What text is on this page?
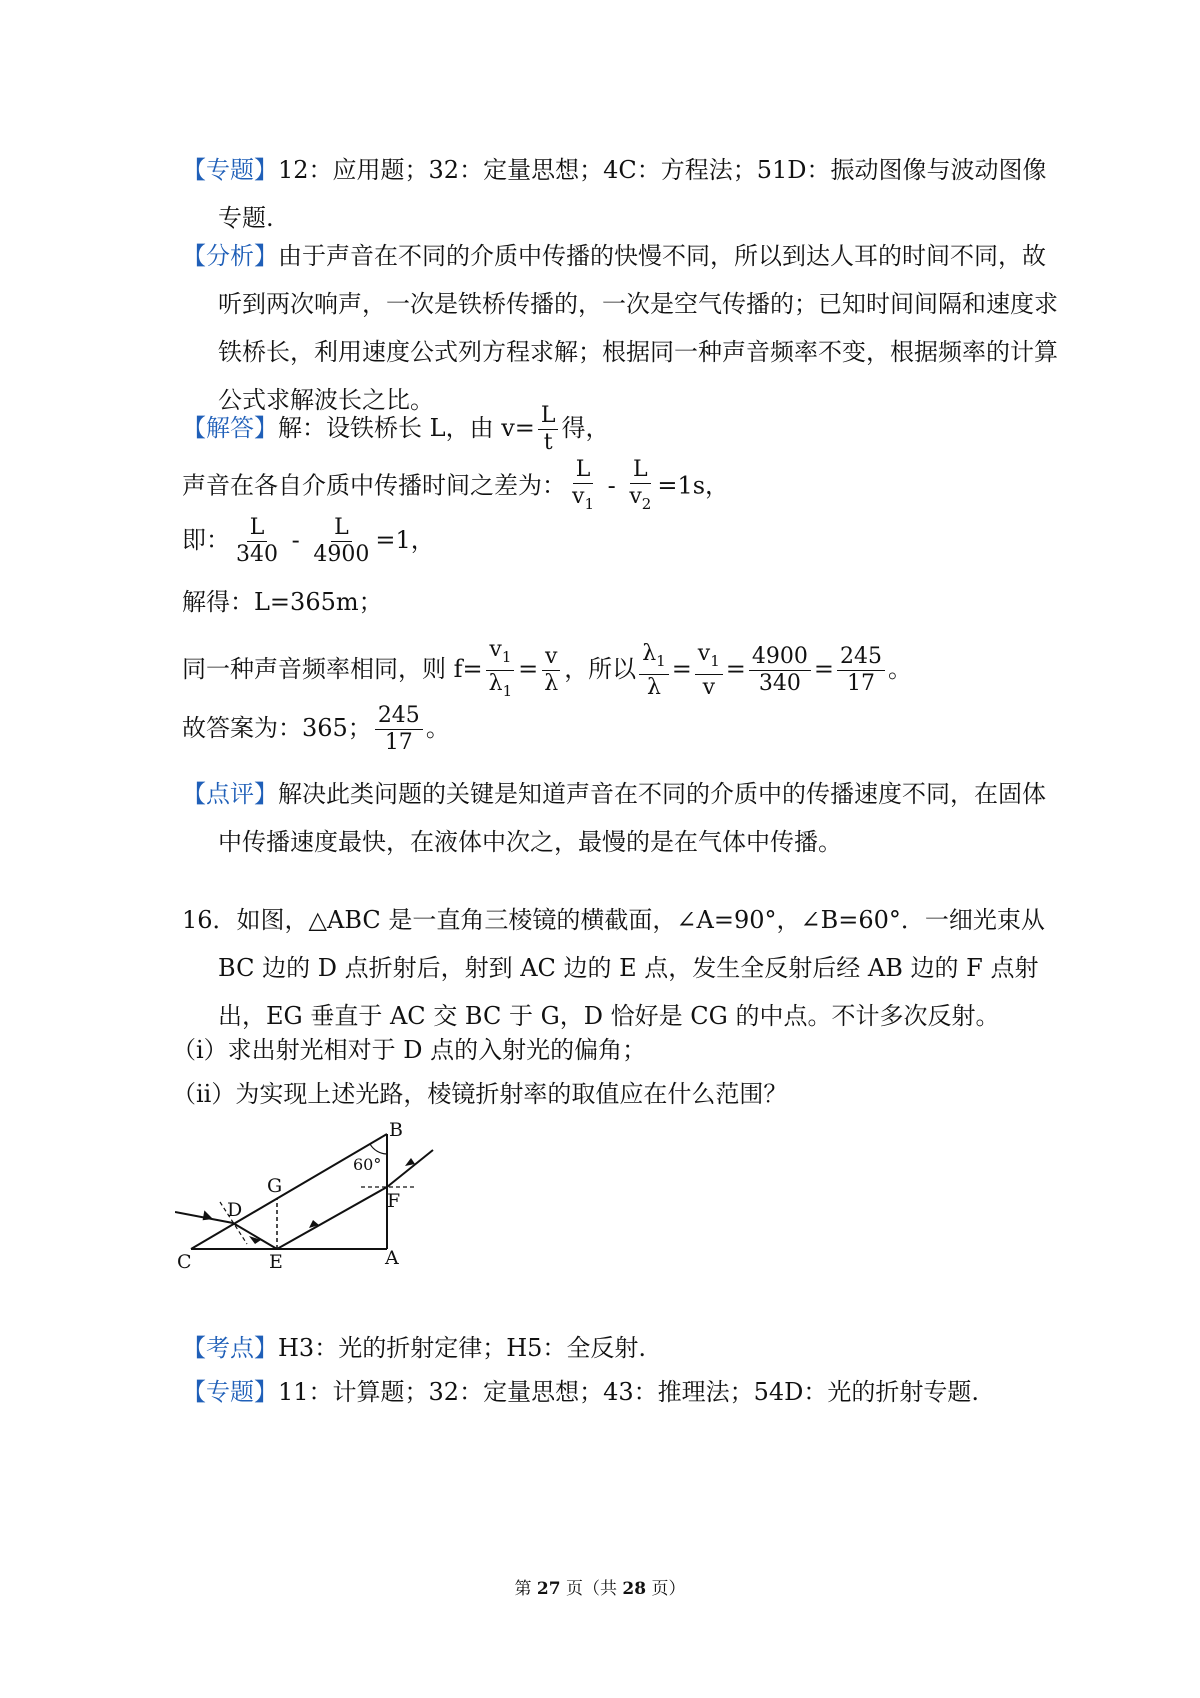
【专题】12：应用题；32：定量思想；4C：方程法；51D：振动图像与波动图像专题.
【分析】由于声音在不同的介质中传播的快慢不同，所以到达人耳的时间不同，故听到两次响声，一次是铁桥传播的，一次是空气传播的；已知时间间隔和速度求铁桥长，利用速度公式列方程求解；根据同一种声音频率不变，根据频率的计算公式求解波长之比。
【解答】解：设铁桥长 L，由 $v= \frac{L}{t}$ 得，
声音在各自介质中传播时间之差为： $\frac{L}{v_1} - \frac{L}{v_2} =1s$，
即： $\frac{L}{340} - \frac{L}{4900} =1$，
解得：L=365m；
同一种声音频率相同，则 $f= \frac{v_1}{\lambda_1} = \frac{v}{\lambda}$ ，所以 $\frac{\lambda_1}{\lambda} = \frac{v_1}{v} = \frac{4900}{340} = \frac{245}{17}$ 。
故答案为：365； $\frac{245}{17}$ 。
【点评】解决此类问题的关键是知道声音在不同的介质中的传播速度不同，在固体中传播速度最快，在液体中次之，最慢的是在气体中传播。
16．如图，△ABC 是一直角三棱镜的横截面，∠A=90°，∠B=60°．一细光束从 BC 边的 D 点折射后，射到 AC 边的 E 点，发生全反射后经 AB 边的 F 点射出，EG 垂直于 AC 交 BC 于 G，D 恰好是 CG 的中点。不计多次反射。
（i）求出射光相对于 D 点的入射光的偏角；
（ii）为实现上述光路，棱镜折射率的取值应在什么范围？
B
60°
G
D	F
C	E	A
【考点】H3：光的折射定律；H5：全反射.
【专题】11：计算题；32：定量思想；43：推理法；54D：光的折射专题.
第 27 页（共 28 页）
